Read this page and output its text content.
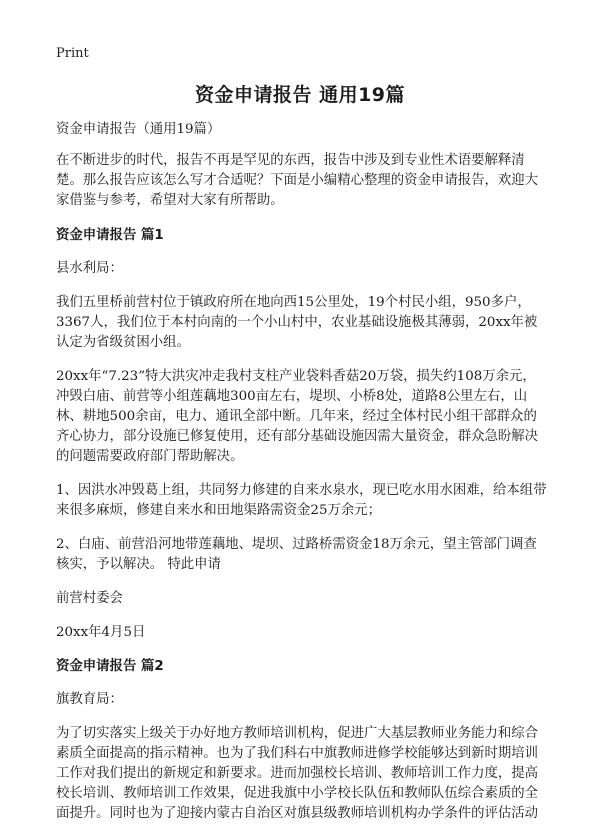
Print
资金申请报告 通用19篇

资金申请报告（通用19篇）

在不断进步的时代，报告不再是罕见的东西，报告中涉及到专业性术语要解释清楚。那么报告应该怎么写才合适呢？下面是小编精心整理的资金申请报告，欢迎大家借鉴与参考，希望对大家有所帮助。

资金申请报告 篇1

县水利局：

我们五里桥前营村位于镇政府所在地向西15公里处，19个村民小组，950多户，3367人，我们位于本村向南的一个小山村中，农业基础设施极其薄弱，20xx年被认定为省级贫困小组。

20xx年“7.23”特大洪灾冲走我村支柱产业袋料香菇20万袋，损失约108万余元，冲毁白庙、前营等小组莲藕地300亩左右，堤坝、小桥8处，道路8公里左右，山林、耕地500余亩，电力、通讯全部中断。几年来，经过全体村民小组干部群众的齐心协力，部分设施已修复使用，还有部分基础设施因需大量资金，群众急盼解决的问题需要政府部门帮助解决。

1、因洪水冲毁葛上组，共同努力修建的自来水泉水，现已吃水用水困难，给本组带来很多麻烦，修建自来水和田地渠路需资金25万余元；

2、白庙、前营沿河地带莲藕地、堤坝、过路桥需资金18万余元，望主管部门调查核实，予以解决。 特此申请

前营村委会

20xx年4月5日

资金申请报告 篇2

旗教育局：

为了切实落实上级关于办好地方教师培训机构，促进广大基层教师业务能力和综合素质全面提高的指示精神。也为了我们科右中旗教师进修学校能够达到新时期培训工作对我们提出的新规定和新要求。进而加强校长培训、教师培训工作力度，提高校长培训、教师培训工作效果，促进我旗中小学校长队伍和教师队伍综合素质的全面提升。同时也为了迎接内蒙古自治区对旗县级教师培训机构办学条件的评估活动
